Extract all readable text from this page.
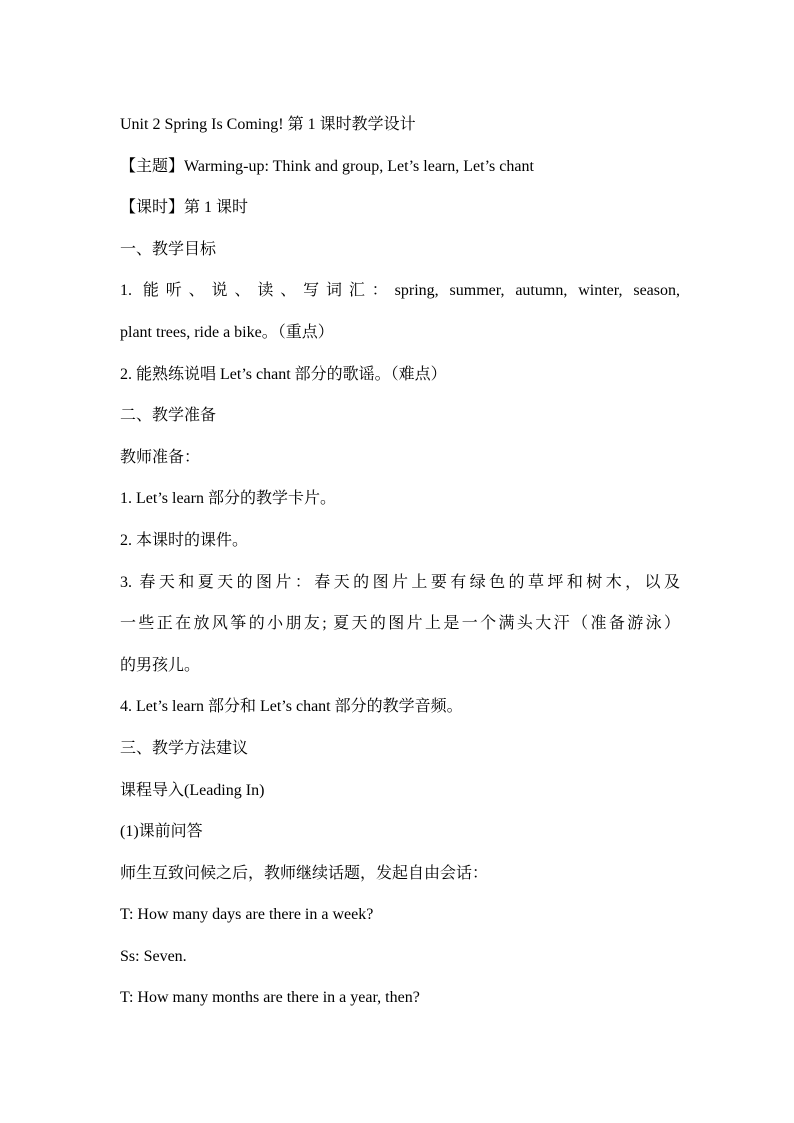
Unit 2 Spring Is Coming! 第 1 课时教学设计
【主题】Warming-up: Think and group, Let’s learn, Let’s chant
【课时】第 1 课时
一、教学目标
1. 能听、说、读、写词汇：spring, summer, autumn, winter, season,
plant trees, ride a bike。（重点）
2. 能熟练说唱 Let’s chant 部分的歌谣。（难点）
二、教学准备
教师准备：
1. Let’s learn 部分的教学卡片。
2. 本课时的课件。
3. 春天和夏天的图片：春天的图片上要有绿色的草坪和树木，以及
一些正在放风筝的小朋友; 夏天的图片上是一个满头大汗（准备游泳）
的男孩儿。
4. Let’s learn 部分和 Let’s chant 部分的教学音频。
三、教学方法建议
课程导入(Leading In)
(1)课前问答
师生互致问候之后，教师继续话题，发起自由会话：
T: How many days are there in a week?
Ss: Seven.
T: How many months are there in a year, then?
